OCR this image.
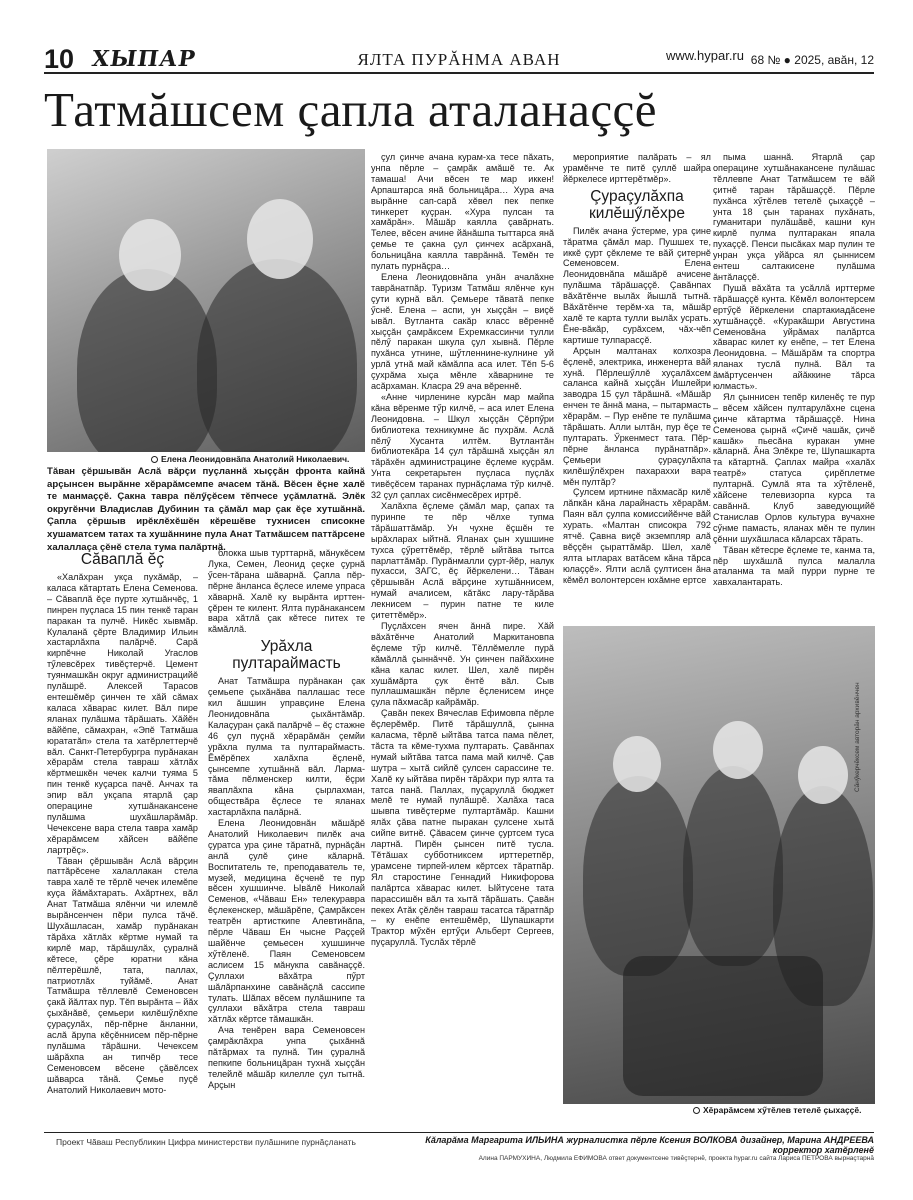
10 ХЫПАР	ЯЛТА ПУРĂНМА АВАН	www.hypar.ru 68 № ● 2025, авăн, 12
Татмăшсем çапла аталанаççĕ
Елена Леонидовнăпа Анатолий Николаевич.
Тăван çĕршывăн Аслă вăрçи пуçланнă хыççăн фронта кайнă арçынсен вырăнне хĕрарăмсемпе ачасем тăнă. Вĕсен ĕçне халĕ те манмаççĕ. Çакна тавра пĕлӳçĕсем тĕпчесе уçăмлатнă. Элĕк округĕнчи Владислав Дубинин та çăмăл мар çак ĕçе хутшăннă. Çапла çĕршыв ирĕклĕхĕшĕн кĕрешĕве тухнисен списокне хушаматсем татах та хушăннине пула Анат Татмăшсем паттăрсене халаллаçа çĕнĕ стела тума палăртнă.
Сăваплă ĕç

«Халăхран укçа пухăмăр, – каласа кăтартать Елена Семенова. – Сăваплă ĕçе пурте хутшăнчĕç, 1 пинрен пуçласа 15 пин тенкĕ таран паракан та пулчĕ. Никĕс хывмăр. Кулаланă çĕрте Владимир Ильин хастарлăхпа палăрчĕ. Сарă кирпĕчне Николай Угаслов тӳлевсĕрех тивĕçтерчĕ. Цемент туянмашкăн округ администрацийĕ пулăшрĕ. Алексей Тарасов ентешĕмĕр çинчен те хăй сăмах каласа хăварас килет. Вăл пире яланах пулăшма тăрăшать. Хăйĕн вăйĕпе, сăмахран, «Эпĕ Татмăша юрататăп» стела та хатĕрлеттерчĕ вăл. Санкт-Петербургра пурăнакан хĕрарăм стела тавраш хăтлăх кĕртмешкĕн чечек калчи туяма 5 пин тенкĕ куçарса пачĕ. Анчах та эпир вăл укçапа ятарлă çар операцине хутшăнакансене пулăшма шухăшларăмăр. Чечексене вара стела тавра хамăр хĕрарăмсем хăйсен вăйĕпе лартрĕç».

Тăван çĕршывăн Аслă вăрçин паттăрĕсене халаллакан стела тавра халĕ те тĕрлĕ чечек илемĕпе куçа йăмăхтарать. Ахăртнех, вăл Анат Татмăша ялĕнчи чи илемлĕ вырăнсенчен пĕри пулса тăчĕ. Шухăшласан, хамăр пурăнакан тăрăха хăтлăх кĕртме нумай та кирлĕ мар, тăрăшулăх, çуралнă кĕтесе, çĕре юратни кăна пĕлтерĕшлĕ, тата, паллах, патриотлăх туйăмĕ. Анат Татмăшра тĕллевлĕ Семеновсен çакă йăлтах пур. Тĕп вырăнта – йăх çыхăнăвĕ, çемьери килĕшӳлĕхпе çураçулăх, пĕр-пĕрне ăнланни, аслă ăрупа кĕçĕннисем пĕр-пĕрне пулăшма тăрăшни. Чечексем шăрăхпа ан типчĕр тесе Семеновсем вĕсене çăвĕлсех шăварса тăнă. Çемье пуçĕ Анатолий Николаевич мото-

блокка шыв турттарнă, мăнукĕсем Лука, Семен, Леонид çеçке çурнă ӳсен-тăрана шăварнă. Çапла пĕр-пĕрне ăнланса ĕçлесе илеме упраса хăварнă. Халĕ ку вырăнта ирттен-çĕрен те килент. Ялта пурăнакансем вара хăтлă çак кĕтесе питех те кăмăллă.

Урăхла пултараймасть

Анат Татмăшра пурăнакан çак çемьепе çыхăнăва паллашас тесе кил ăшшин управçине Елена Леонидовнăпа çыхăнтăмăр. Калаçуран çакă палăрчĕ – ĕç стажне 46 çул пуçнă хĕрарăмăн çемйи урăхла пулма та пултараймасть. Ĕмĕрĕпех халăхпа ĕçленĕ, çынсемпе хутшăннă вăл. Ларма-тăма пĕлменскер килти, ĕçри яваплăхпа кăна çырлахман, обществăра ĕçлесе те яланах хастарлăхпа палăрнă.

Елена Леонидовнăн мăшăрĕ Анатолий Николаевич пилĕк ача çуратса ура çине тăратнă, пурнăçăн анлă çулĕ çине кăларнă. Воспитатель те, преподаватель те, музей, медицина ĕçченĕ те пур вĕсен хушшинче. Ывăлĕ Николай Семенов, «Чăваш Ен» телекуравра ĕçлекенскер, мăшăрĕпе, Çамрăксен театрĕн артисткипе Алевтинăпа, пĕрле Чăваш Ен чысне Раççей шайĕнче çемьесен хушшинче хӳтĕленĕ. Паян Семеновсем аслисем 15 мăнукпа савăнаççĕ. Çуллахи вăхăтра пӳрт шăлăрпанхине савăнăçлă сассипе тулать. Шăпах вĕсем пулăшнипе та çуллахи вăхăтра стела тавраш хăтлăх кĕртсе тăмашкăн.

Ача тенĕрен вара Семеновсен çамрăклăхра унпа çыхăннă пăтăрмах та пулнă. Тин çуралнă пепкипе больницăран тухнă хыççăн телейлĕ мăшăр килелле çул тытнă. Арçын

çул çинче ачана курам-ха тесе пăхать, унпа пĕрле – çамрăк амăшĕ те. Ак тамаша! Ачи вĕсен те мар иккен! Арпаштарса янă больницăра… Хура ача вырăнне сап-сарă хĕвел пек пепке тинкерет куçран. «Хура пулсан та хамăрăн». Мăшăр каялла çавăрнать. Телее, вĕсен ачине йăнăшпа тыттарса янă çемье те çакна çул çинчех асăрханă, больницăна каялла таврăннă. Темĕн те пулать пурнăçра…

Елена Леонидовнăпа унăн ачалăхне таврăнатпăр. Туризм Татмăш ялĕнче кун çути курнă вăл. Çемьере тăватă пепке ӳснĕ. Елена – аспи, ун хыççăн – виçĕ ывăл. Вутланта сакăр класс вĕреннĕ хыççăн çамрăксем Ехремкассинчи тулли пĕлӳ паракан шкула çул хывнă. Пĕрле пухăнса утнине, шӳтленнине-кулнине уй урлă утнă май кăмăлпа аса илет. Тĕп 5-6 çухрăма хыçа мĕнле хăварнине те асăрхаман. Класра 29 ача вĕреннĕ.

«Анне чирленине курсăн мар майпа кăна вĕренме тӳр килчĕ, – аса илет Елена Леонидовна. – Шкул хыççăн Çĕрпӳри библиотека техникумне ăс пухрăм. Аслă пĕлӳ Хусанта илтĕм. Вутлантăн библиотекăра 14 çул тăрăшнă хыççăн ял тăрăхĕн администрацине ĕçлеме куçрăм. Унта секретарьтен пуçласа пуçлăх тивĕçĕсем таранах пурнăçлама тӳр килчĕ. 32 çул çаплах сисĕнмесĕрех иртрĕ.

Халăхпа ĕçлеме çăмăл мар, çапах та пуринпе те пĕр чĕлхе тупма тăрăшаттăмăр. Ун чухне ĕçшĕн те ырăхларах ыйтнă. Яланах çын хушшине тухса çӳреттĕмĕр, тĕрлĕ ыйтăва тытса парлаттăмăр. Пурăнмалли çурт-йĕр, налук пухасси, ЗАГС, ĕç йĕркелени… Тăван çĕршывăн Аслă вăрçине хутшăннисем, нумай ачалисем, кăтăкс лару-тăрăва лекнисем – пурин патне те киле çитеттĕмĕр».

Пуçлăхсен ячен ăннă пире. Хăй вăхăтĕнче Анатолий Маркитановпа ĕçлеме тӳр килчĕ. Тĕллĕмелле пурă кăмăллă çыннăччĕ. Ун çинчен пайăххине кăна калас килет. Шел, халĕ пирĕн хушăмăрта çук ĕнтĕ вăл. Сыв пуллашмашкăн пĕрле ĕçленисем инçе çула пăхмасăр кайрăмăр.

Çавăн пекех Вячеслав Ефимовпа пĕрле ĕçлерĕмĕр. Питĕ тăрăшуллă, çынна каласма, тĕрлĕ ыйтăва татса пама пĕлет, тăста та кĕме-тухма пултарать. Çавăнпах нумай ыйтăва татса пама май килчĕ. Çав шутра – хытă сийлĕ çулсен сарассине те. Халĕ ку ыйтăва пирĕн тăрăхри пур ялта та татса панă. Паллах, пуçаруллă бюджет мелĕ те нумай пулăшрĕ. Халăха таса шывпа тивĕçтерме пултартăмăр. Кашни ялăх çăва патне пыракан çулсене хытă сийпе витнĕ. Çăвасем çинче çуртсем туса лартнă. Пирĕн çынсен питĕ тусла. Тĕтăшах субботниксем ирттеретпĕр, урамсене тирпей-илем кĕртсех тăратпăр. Ял старостине Геннадий Никифорова палăртса хăварас килет. Ыйтусене тата парассишĕн вăл та хытă тăрăшать. Çавăн пекех Атăк çĕлĕн тавраш тасатса тăратпăр – ку енĕпе ентешĕмĕр, Шупашкарти Трактор мӳхĕн ертӳçи Альберт Сергеев, пуçаруллă. Туслăх тĕрлĕ

мероприятие палăрать – ял урамĕнче те питĕ çуллĕ шайра йĕркелесе ирттерĕтмĕр».

Çураçулăхпа килĕшӳлĕхре

Пилĕк ачана ӳстерме, ура çине тăратма çăмăл мар. Пушшех те, иккĕ çурт çĕклеме те вăй çитернĕ Семеновсем. Елена Леонидовнăпа мăшăрĕ ачисене пулăшма тăрăшаççĕ. Çавăнпах вăхăтĕнче вылăх йышлă тытнă. Вăхăтĕнче терĕм-ха та, мăшăр халĕ те карта тулли вылăх усрать. Ĕне-вăкăр, сурăхсем, чăх-чĕп картише тулпарасçĕ.

Арçын малтанах колхозра ĕçленĕ, электрика, инженерта вăй хунă. Пĕрлешӳллĕ хуçалăхсем саланса кайнă хыççăн Ишлейри заводра 15 çул тăрăшнă. «Мăшăр енчен те ăннă мана, – пытармасть хĕрарăм. – Пур енĕпе те пулăшма тăрăшать. Алли ылтăн, пур ĕçе те пултарать. Ӳркенмест тата. Пĕр-пĕрне ăнланса пурăнатпăр». Çемьери çураçулăхпа килĕшӳлĕхрен пахараххи вара мĕн пултăр?

Çулсем иртнине пăхмасăр килĕ лăпкăн кăна ларайнасть хĕрарăм. Паян вăл çулпа комиссийĕнче вăй хурать. «Малтан списокра 792 ятчĕ. Çавна виçĕ экземпляр алă вĕççĕн çыраттăмăр. Шел, халĕ ялта ытларах ватăсем кăна тăрса юлаççĕ». Ялти аслă çултисен ăна кĕмĕл волонтерсен юхăмне ертсе

пыма шаннă. Ятарлă çар операцине хутшăнакансене пулăшас тĕллевпе Анат Татмăшсем те вăй çитнĕ таран тăрăшаççĕ. Пĕрле пухăнса хӳтĕлев тетелĕ çыхаççĕ – унта 18 çын таранах пухăнать, гуманитари пулăшăвĕ, кашни кун кирлĕ пулма пултаракан япала пухаççĕ. Пенси пысăках мар пулин те унран укçа уйăрса ял çыннисем ентеш салтакисене пулăшма ăнтăлаççĕ.

Пушă вăхăта та усăллă ирттерме тăрăшаççĕ кунта. Кĕмĕл волонтерсем ертӳçĕ йĕркелени спартакиадăсене хутшăнаççĕ. «Куракăшри Августина Семеновăна уйрăмах палăртса хăварас килет ку енĕпе, – тет Елена Леонидовна. – Мăшăрăм та спортра яланах туслă пулнă. Вăл та ăмăртусенчен айăккине тăрса юлмасть».

Ял çыннисен тепĕр киленĕç те пур – вĕсем хăйсен пултарулăхне сцена çинче кăтартма тăрăшаççĕ. Нина Семенова çырнă «Çичĕ чашăк, çичĕ кашăк» пьесăна куракан умне кăларнă. Ăна Элĕкре те, Шупашкарта та кăтартнă. Çаплах майра «халăх театрĕ» статуса çирĕплетме пултарнă. Сумлă ята та хӳтĕленĕ, хăйсене телевизорпа курса та савăннă. Клуб заведующийĕ Станислав Орлов культура вучахне сӳнме памасть, яланах мĕн те пулин çĕнни шухăшласа кăларсах тăрать.

Тăван кĕтесре ĕçлеме те, канма та, пĕр шухăшлă пулса малалла аталанма та май пурри пурне те хавхалантарать.

Сăнӳкерчĕксем авторăн архивĕнчен
Хĕрарăмсем хӳтĕлев тетелĕ çыхаççĕ.
Проект Чăваш Республикин Цифра министерстви пулăшнипе пурнăçланать	Кăларăма Маргарита ИЛЬИНА журналистка пĕрле Ксения ВОЛКОВА дизайнер, Марина АНДРЕЕВА корректор хатĕрленĕ
Алина ПАРМУХИНА, Людмила ЕФИМОВА ответ документсене тивĕçтернĕ, проекта hypar.ru сайта Лариса ПЕТРОВА вырнаçтарнă
